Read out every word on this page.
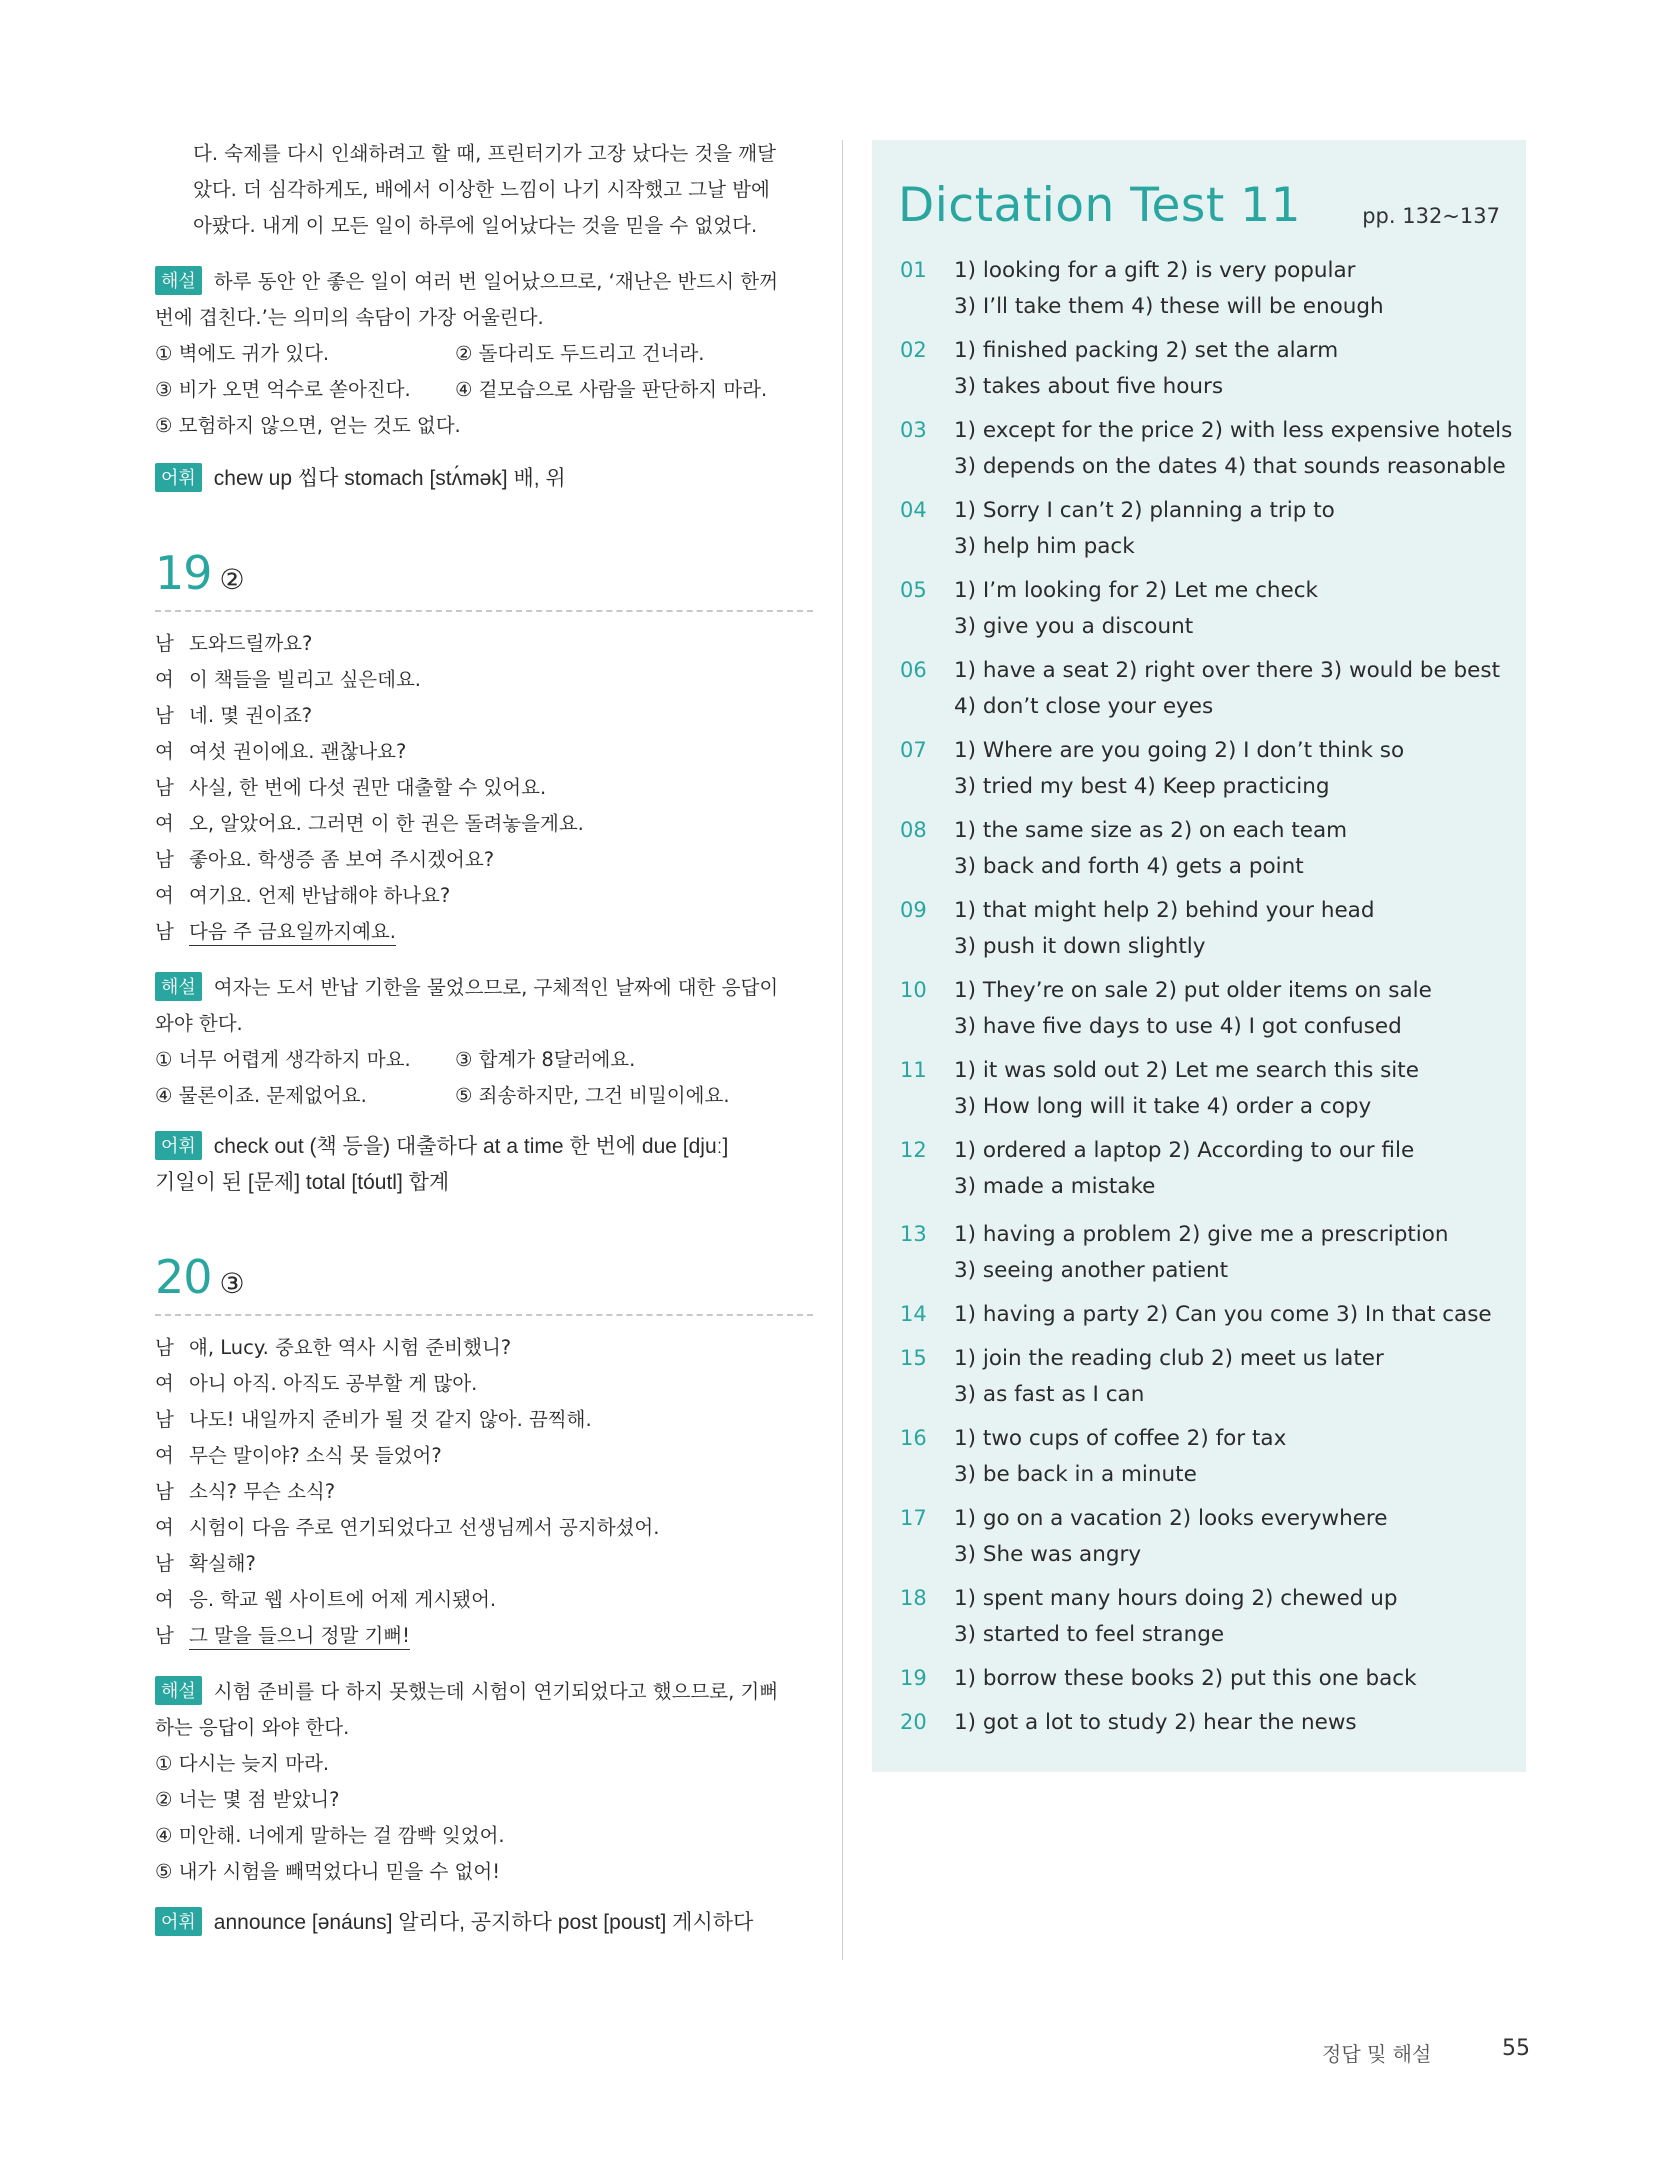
다. 숙제를 다시 인쇄하려고 할 때, 프린터기가 고장 났다는 것을 깨달
았다. 더 심각하게도, 배에서 이상한 느낌이 나기 시작했고 그날 밤에
아팠다. 내게 이 모든 일이 하루에 일어났다는 것을 믿을 수 없었다.
해설 하루 동안 안 좋은 일이 여러 번 일어났으므로, ‘재난은 반드시 한꺼
번에 겹친다.’는 의미의 속담이 가장 어울린다.
① 벽에도 귀가 있다.	② 돌다리도 두드리고 건너라.
③ 비가 오면 억수로 쏟아진다. ④ 겉모습으로 사람을 판단하지 마라.
⑤ 모험하지 않으면, 얻는 것도 없다.
어휘 chew up 씹다 stomach [stʌ́mək] 배, 위
19 ②
남 도와드릴까요?
여 이 책들을 빌리고 싶은데요.
남 네. 몇 권이죠?
여 여섯 권이에요. 괜찮나요?
남 사실, 한 번에 다섯 권만 대출할 수 있어요.
여 오, 알았어요. 그러면 이 한 권은 돌려놓을게요.
남 좋아요. 학생증 좀 보여 주시겠어요?
여 여기요. 언제 반납해야 하나요?
남 다음 주 금요일까지예요.
해설 여자는 도서 반납 기한을 물었으므로, 구체적인 날짜에 대한 응답이
와야 한다.
① 너무 어렵게 생각하지 마요. ③ 합계가 8달러에요.
④ 물론이죠. 문제없어요.	⑤ 죄송하지만, 그건 비밀이에요.
어휘 check out (책 등을) 대출하다 at a time 한 번에 due [djuː]
기일이 된 [문제] total [tóutl] 합계
20 ③
남 얘, Lucy. 중요한 역사 시험 준비했니?
여 아니 아직. 아직도 공부할 게 많아.
남 나도! 내일까지 준비가 될 것 같지 않아. 끔찍해.
여 무슨 말이야? 소식 못 들었어?
남 소식? 무슨 소식?
여 시험이 다음 주로 연기되었다고 선생님께서 공지하셨어.
남 확실해?
여 응. 학교 웹 사이트에 어제 게시됐어.
남 그 말을 들으니 정말 기뻐!
해설 시험 준비를 다 하지 못했는데 시험이 연기되었다고 했으므로, 기뻐
하는 응답이 와야 한다.
① 다시는 늦지 마라.
② 너는 몇 점 받았니?
④ 미안해. 너에게 말하는 걸 깜빡 잊었어.
⑤ 내가 시험을 빼먹었다니 믿을 수 없어!
어휘 announce [ənáuns] 알리다, 공지하다 post [poust] 게시하다
Dictation Test 11	pp. 132~137
01 1) looking for a gift 2) is very popular
3) I’ll take them 4) these will be enough
02 1) finished packing 2) set the alarm
3) takes about five hours
03 1) except for the price 2) with less expensive hotels
3) depends on the dates 4) that sounds reasonable
04 1) Sorry I can’t 2) planning a trip to
3) help him pack
05 1) I’m looking for 2) Let me check
3) give you a discount
06 1) have a seat 2) right over there 3) would be best
4) don’t close your eyes
07 1) Where are you going 2) I don’t think so
3) tried my best 4) Keep practicing
08 1) the same size as 2) on each team
3) back and forth 4) gets a point
09 1) that might help 2) behind your head
3) push it down slightly
10 1) They’re on sale 2) put older items on sale
3) have five days to use 4) I got confused
11 1) it was sold out 2) Let me search this site
3) How long will it take 4) order a copy
12 1) ordered a laptop 2) According to our file
3) made a mistake
13 1) having a problem 2) give me a prescription
3) seeing another patient
14 1) having a party 2) Can you come 3) In that case
15 1) join the reading club 2) meet us later
3) as fast as I can
16 1) two cups of coffee 2) for tax
3) be back in a minute
17 1) go on a vacation 2) looks everywhere
3) She was angry
18 1) spent many hours doing 2) chewed up
3) started to feel strange
19 1) borrow these books 2) put this one back
20 1) got a lot to study 2) hear the news
정답 및 해설	55
